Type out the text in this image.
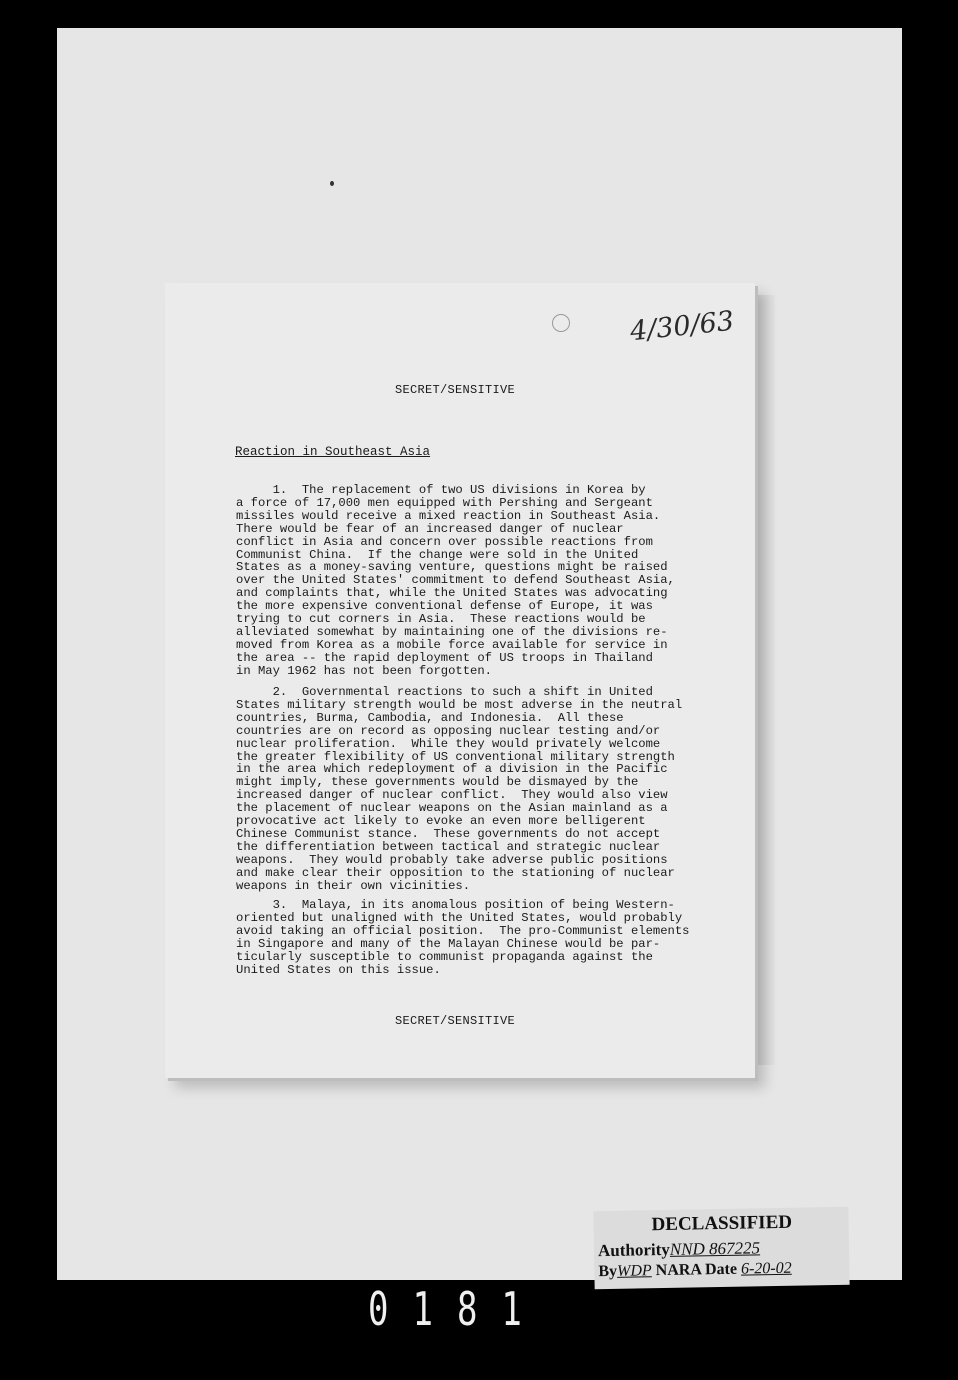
4/30/63
SECRET/SENSITIVE
Reaction in Southeast Asia
1.  The replacement of two US divisions in Korea by
a force of 17,000 men equipped with Pershing and Sergeant
missiles would receive a mixed reaction in Southeast Asia.
There would be fear of an increased danger of nuclear
conflict in Asia and concern over possible reactions from
Communist China.  If the change were sold in the United
States as a money-saving venture, questions might be raised
over the United States' commitment to defend Southeast Asia,
and complaints that, while the United States was advocating
the more expensive conventional defense of Europe, it was
trying to cut corners in Asia.  These reactions would be
alleviated somewhat by maintaining one of the divisions re-
moved from Korea as a mobile force available for service in
the area -- the rapid deployment of US troops in Thailand
in May 1962 has not been forgotten.
2.  Governmental reactions to such a shift in United
States military strength would be most adverse in the neutral
countries, Burma, Cambodia, and Indonesia.  All these
countries are on record as opposing nuclear testing and/or
nuclear proliferation.  While they would privately welcome
the greater flexibility of US conventional military strength
in the area which redeployment of a division in the Pacific
might imply, these governments would be dismayed by the
increased danger of nuclear conflict.  They would also view
the placement of nuclear weapons on the Asian mainland as a
provocative act likely to evoke an even more belligerent
Chinese Communist stance.  These governments do not accept
the differentiation between tactical and strategic nuclear
weapons.  They would probably take adverse public positions
and make clear their opposition to the stationing of nuclear
weapons in their own vicinities.
3.  Malaya, in its anomalous position of being Western-
oriented but unaligned with the United States, would probably
avoid taking an official position.  The pro-Communist elements
in Singapore and many of the Malayan Chinese would be par-
ticularly susceptible to communist propaganda against the
United States on this issue.
SECRET/SENSITIVE
DECLASSIFIED
AuthorityNND 867225
ByWDP NARA Date 6-20-02
0181
